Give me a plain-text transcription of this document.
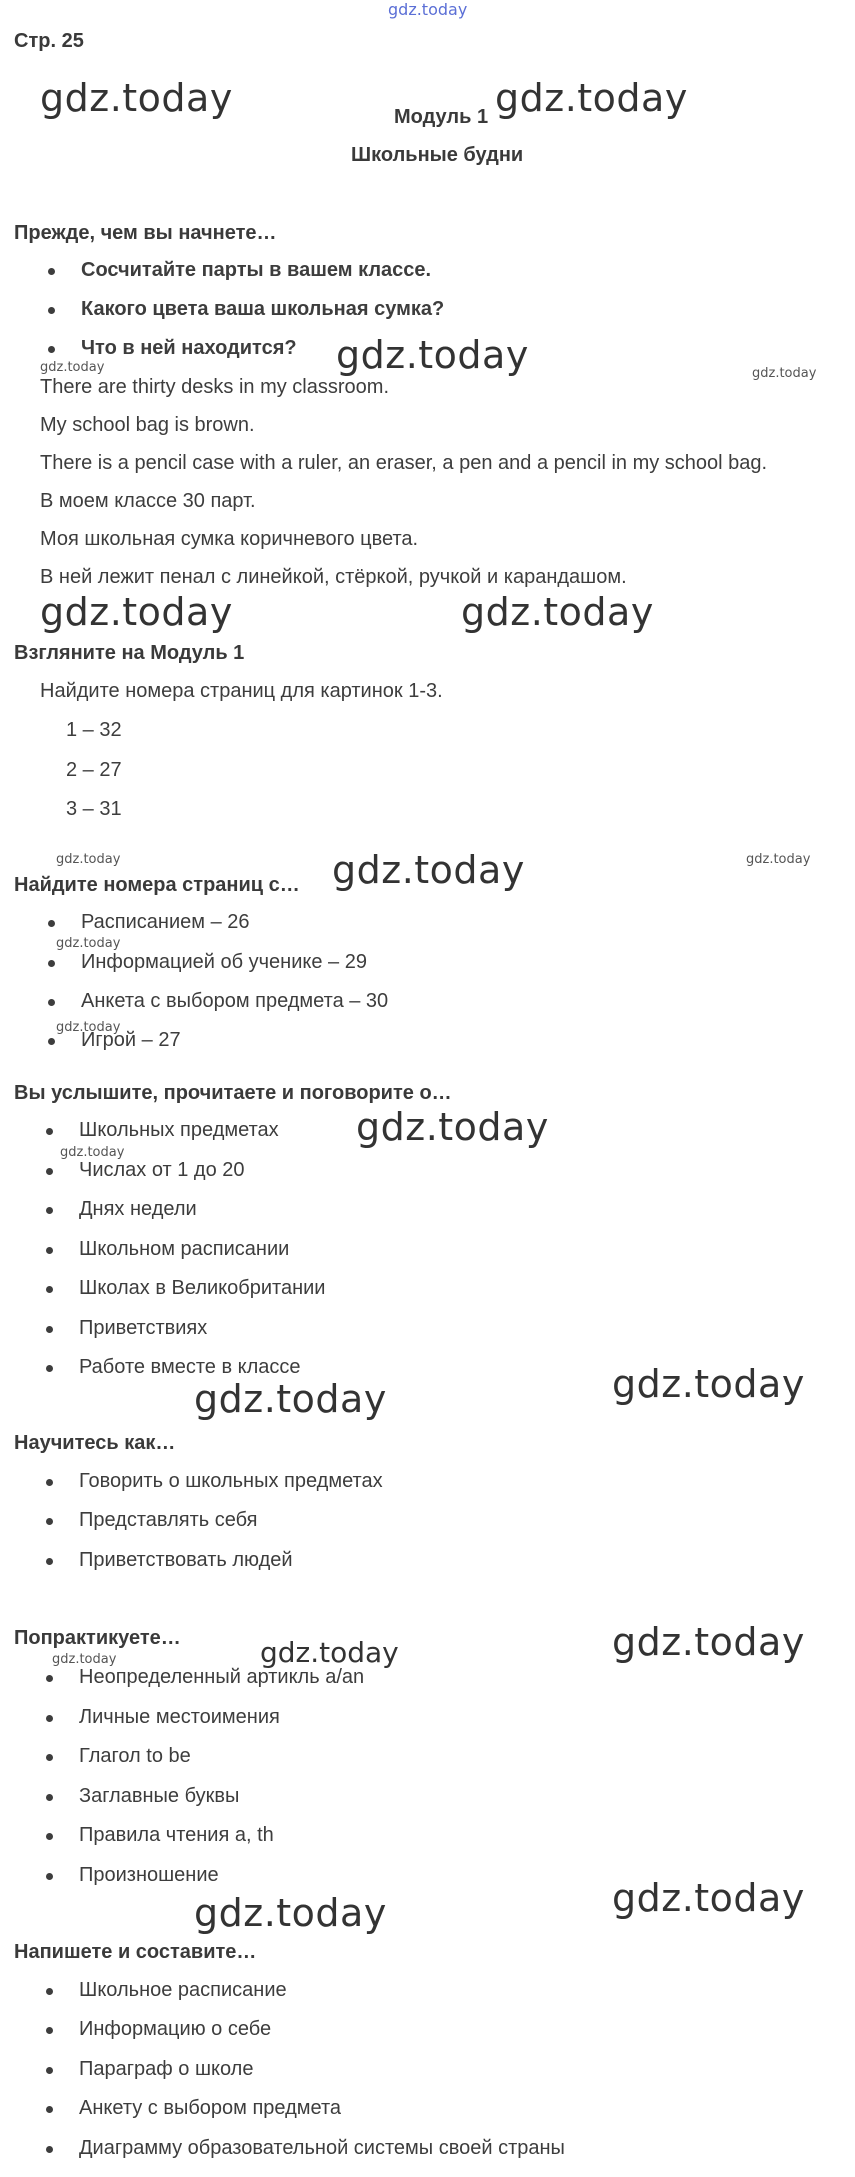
gdz.today
Стр. 25
Модуль 1
Школьные будни
gdz.today	gdz.today
gdz.today
gdz.today	gdz.today
gdz.today
gdz.today
gdz.today	gdz.today
gdz.today
gdz.today	gdz.today
gdz.today
gdz.today	gdz.today
gdz.today	gdz.today
gdz.today
gdz.today
gdz.today
gdz.today
Прежде, чем вы начнете…
Сосчитайте парты в вашем классе.
Какого цвета ваша школьная сумка?
Что в ней находится?
There are thirty desks in my classroom.
My school bag is brown.
There is a pencil case with a ruler, an eraser, a pen and a pencil in my school bag.
В моем классе 30 парт.
Моя школьная сумка коричневого цвета.
В ней лежит пенал с линейкой, стёркой, ручкой и карандашом.
Взгляните на Модуль 1
Найдите номера страниц для картинок 1-3.
1 – 32
2 – 27
3 – 31
Найдите номера страниц с…
Расписанием – 26
Информацией об ученике – 29
Анкета с выбором предмета – 30
Игрой – 27
Вы услышите, прочитаете и поговорите о…
Школьных предметах
Числах от 1 до 20
Днях недели
Школьном расписании
Школах в Великобритании
Приветствиях
Работе вместе в классе
Научитесь как…
Говорить о школьных предметах
Представлять себя
Приветствовать людей
Попрактикуете…
Неопределенный артикль a/an
Личные местоимения
Глагол to be
Заглавные буквы
Правила чтения a, th
Произношение
Напишете и составите…
Школьное расписание
Информацию о себе
Параграф о школе
Анкету с выбором предмета
Диаграмму образовательной системы своей страны
